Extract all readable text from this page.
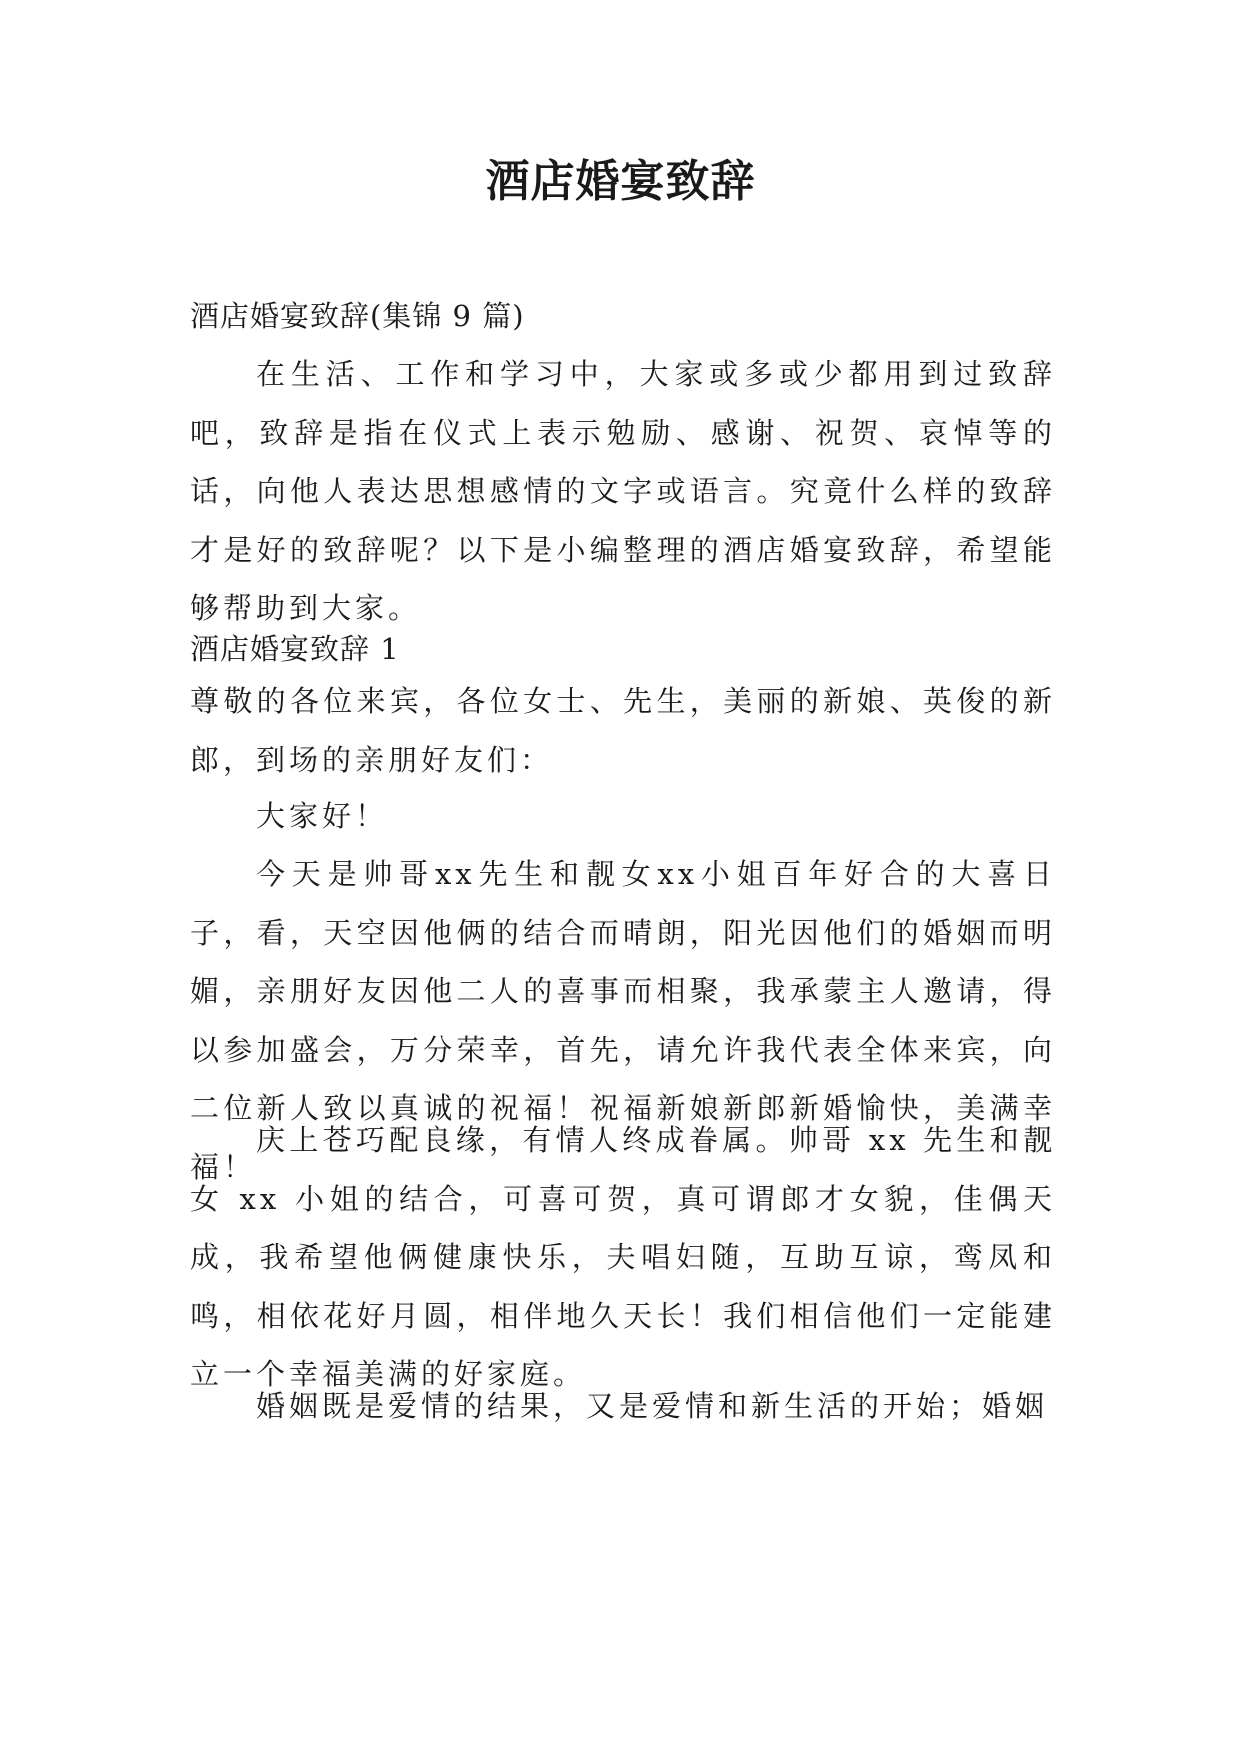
酒店婚宴致辞

酒店婚宴致辞(集锦 9 篇)

在生活、工作和学习中，大家或多或少都用到过致辞吧，致辞是指在仪式上表示勉励、感谢、祝贺、哀悼等的话，向他人表达思想感情的文字或语言。究竟什么样的致辞才是好的致辞呢？以下是小编整理的酒店婚宴致辞，希望能够帮助到大家。

酒店婚宴致辞 1

尊敬的各位来宾，各位女士、先生，美丽的新娘、英俊的新郎，到场的亲朋好友们：

大家好！

今天是帅哥xx先生和靓女xx小姐百年好合的大喜日子，看，天空因他俩的结合而晴朗，阳光因他们的婚姻而明媚，亲朋好友因他二人的喜事而相聚，我承蒙主人邀请，得以参加盛会，万分荣幸，首先，请允许我代表全体来宾，向二位新人致以真诚的祝福！祝福新娘新郎新婚愉快，美满幸福！

庆上苍巧配良缘，有情人终成眷属。帅哥 xx 先生和靓女 xx 小姐的结合，可喜可贺，真可谓郎才女貌，佳偶天成，我希望他俩健康快乐，夫唱妇随，互助互谅，鸾凤和鸣，相依花好月圆，相伴地久天长！我们相信他们一定能建立一个幸福美满的好家庭。

婚姻既是爱情的结果，又是爱情和新生活的开始；婚姻
